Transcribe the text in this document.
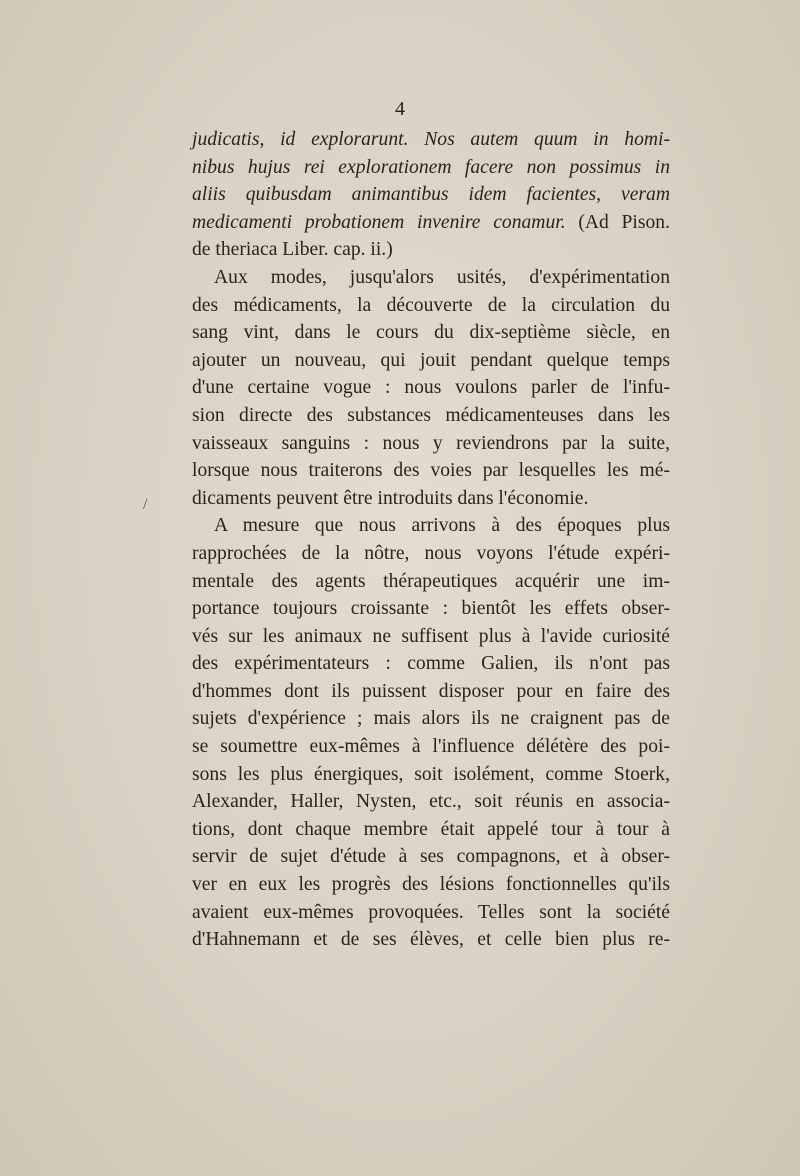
4
/
judicatis, id explorarunt. Nos autem quum in homi-
nibus hujus rei explorationem facere non possimus in
aliis quibusdam animantibus idem facientes, veram
medicamenti probationem invenire conamur. (Ad Pison.
de theriaca Liber. cap. ii.)
Aux modes, jusqu'alors usités, d'expérimentation
des médicaments, la découverte de la circulation du
sang vint, dans le cours du dix-septième siècle, en
ajouter un nouveau, qui jouit pendant quelque temps
d'une certaine vogue : nous voulons parler de l'infu-
sion directe des substances médicamenteuses dans les
vaisseaux sanguins : nous y reviendrons par la suite,
lorsque nous traiterons des voies par lesquelles les mé-
dicaments peuvent être introduits dans l'économie.
A mesure que nous arrivons à des époques plus
rapprochées de la nôtre, nous voyons l'étude expéri-
mentale des agents thérapeutiques acquérir une im-
portance toujours croissante : bientôt les effets obser-
vés sur les animaux ne suffisent plus à l'avide curiosité
des expérimentateurs : comme Galien, ils n'ont pas
d'hommes dont ils puissent disposer pour en faire des
sujets d'expérience ; mais alors ils ne craignent pas de
se soumettre eux-mêmes à l'influence délétère des poi-
sons les plus énergiques, soit isolément, comme Stoerk,
Alexander, Haller, Nysten, etc., soit réunis en associa-
tions, dont chaque membre était appelé tour à tour à
servir de sujet d'étude à ses compagnons, et à obser-
ver en eux les progrès des lésions fonctionnelles qu'ils
avaient eux-mêmes provoquées. Telles sont la société
d'Hahnemann et de ses élèves, et celle bien plus re-
